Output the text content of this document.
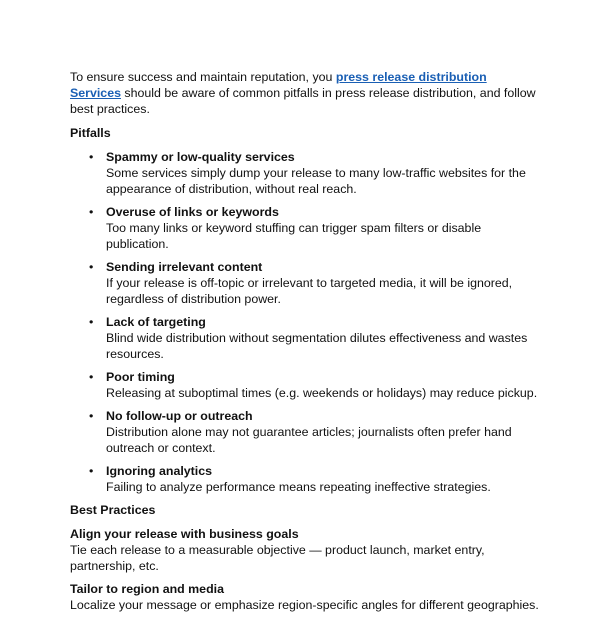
To ensure success and maintain reputation, you press release distribution Services should be aware of common pitfalls in press release distribution, and follow best practices.

Pitfalls

• Spammy or low-quality services
Some services simply dump your release to many low-traffic websites for the appearance of distribution, without real reach.
• Overuse of links or keywords
Too many links or keyword stuffing can trigger spam filters or disable publication.
• Sending irrelevant content
If your release is off-topic or irrelevant to targeted media, it will be ignored, regardless of distribution power.
• Lack of targeting
Blind wide distribution without segmentation dilutes effectiveness and wastes resources.
• Poor timing
Releasing at suboptimal times (e.g. weekends or holidays) may reduce pickup.
• No follow-up or outreach
Distribution alone may not guarantee articles; journalists often prefer hand outreach or context.
• Ignoring analytics
Failing to analyze performance means repeating ineffective strategies.

Best Practices

Align your release with business goals
Tie each release to a measurable objective — product launch, market entry, partnership, etc.
Tailor to region and media
Localize your message or emphasize region-specific angles for different geographies.
